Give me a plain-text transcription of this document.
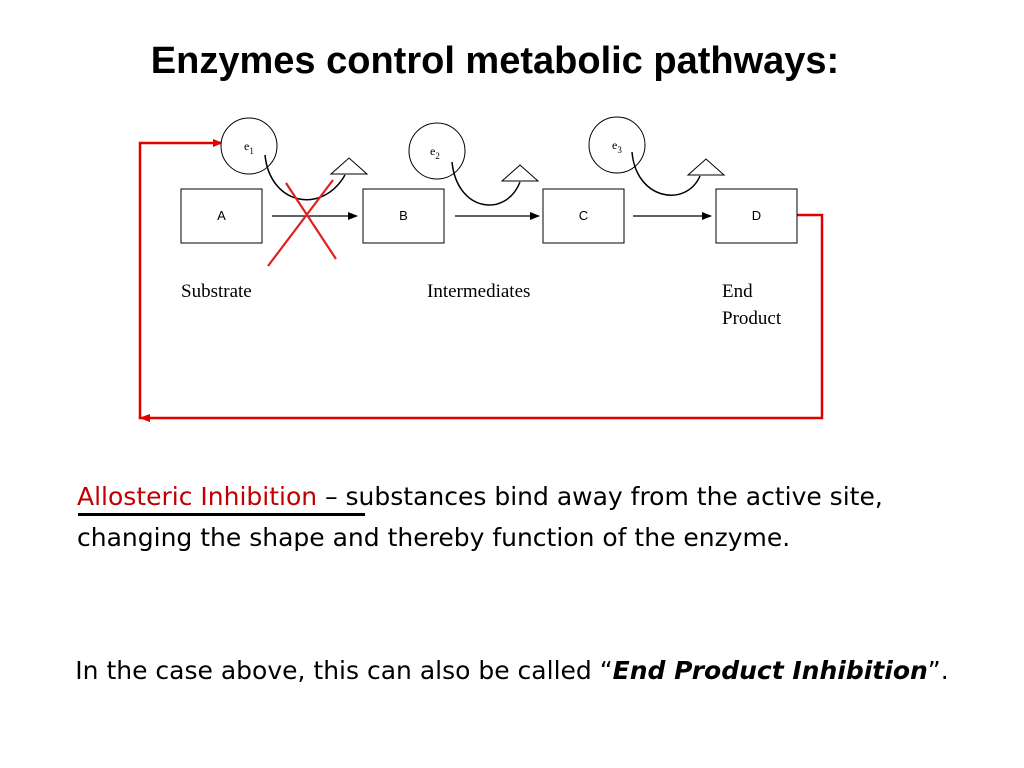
Enzymes control metabolic pathways:
A	B	C	D
$e_1$	$e_2$
$e_3$
Substrate	Intermediates	End
Product
Allosteric Inhibition – substances bind away from the active site, changing the shape and thereby function of the enzyme.
In the case above, this can also be called “End Product Inhibition”.
